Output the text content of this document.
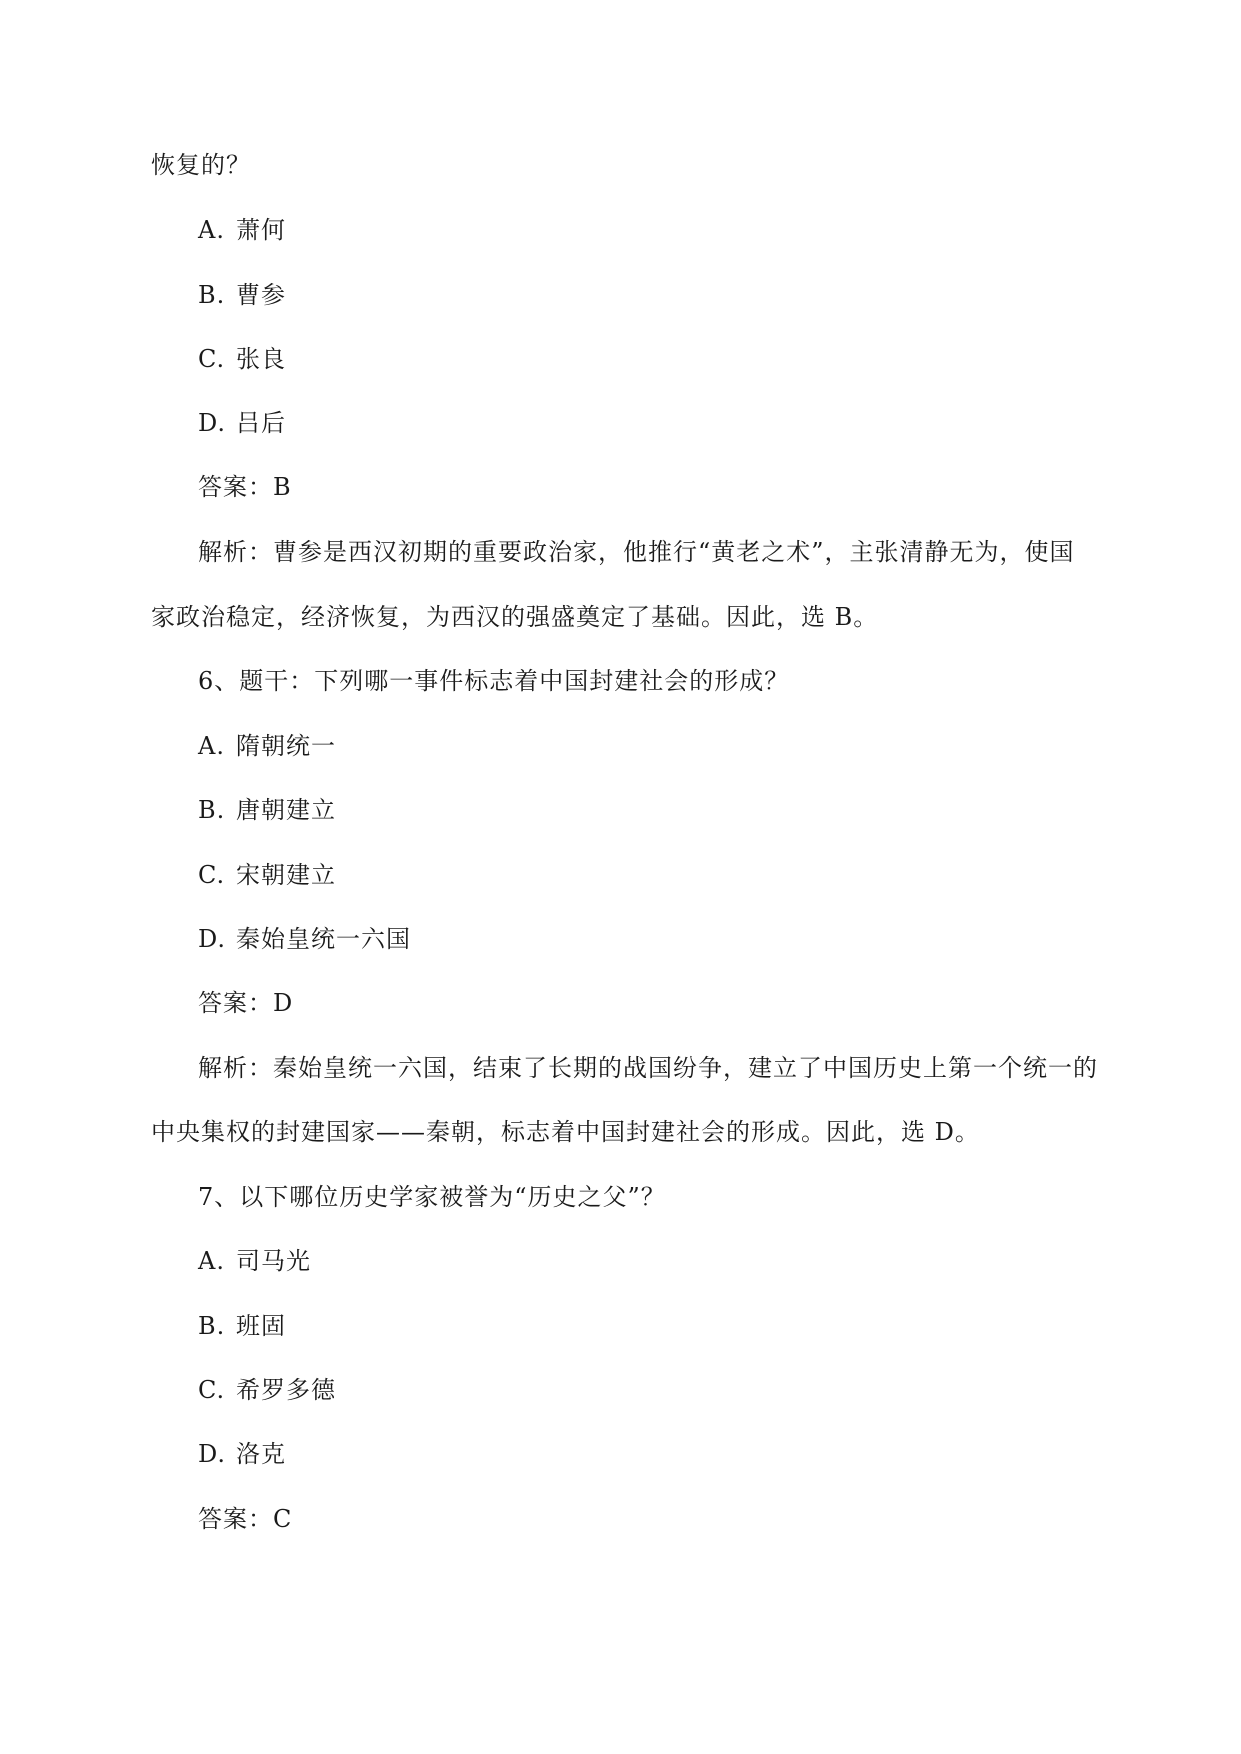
恢复的？
A. 萧何
B. 曹参
C. 张良
D. 吕后
答案：B
解析：曹参是西汉初期的重要政治家，他推行“黄老之术”，主张清静无为，使国
家政治稳定，经济恢复，为西汉的强盛奠定了基础。因此，选 B。
6、题干：下列哪一事件标志着中国封建社会的形成？
A. 隋朝统一
B. 唐朝建立
C. 宋朝建立
D. 秦始皇统一六国
答案：D
解析：秦始皇统一六国，结束了长期的战国纷争，建立了中国历史上第一个统一的
中央集权的封建国家——秦朝，标志着中国封建社会的形成。因此，选 D。
7、以下哪位历史学家被誉为“历史之父”？
A. 司马光
B. 班固
C. 希罗多德
D. 洛克
答案：C
